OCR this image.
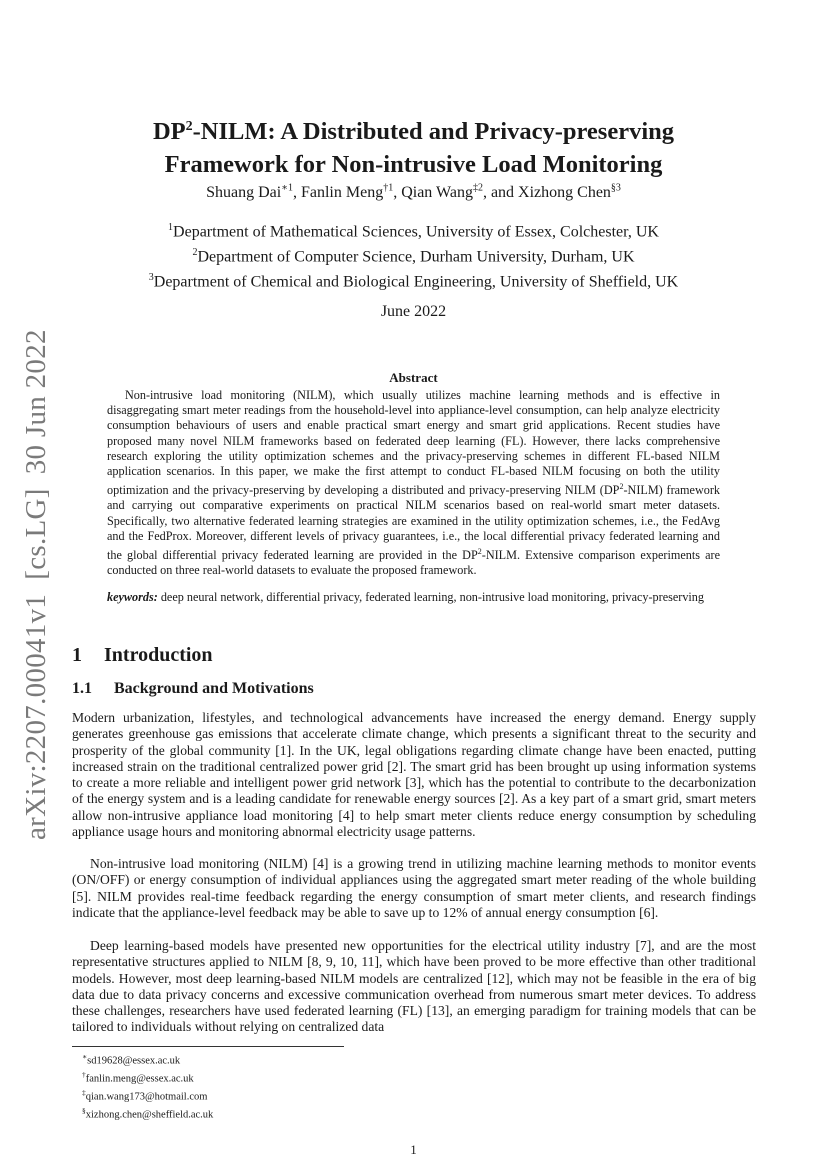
arXiv:2207.00041v1[cs.LG]30 Jun 2022
$DP^2$-NILM: A Distributed and Privacy-preserving
Framework for Non-intrusive Load Monitoring
Shuang Dai$^{∗1}$, Fanlin Meng$^{\dagger 1}$, Qian Wang$^{\ddagger 2}$, and Xizhong Chen$^{\S 3}$
$^1$Department of Mathematical Sciences, University of Essex, Colchester, UK
$^2$Department of Computer Science, Durham University, Durham, UK
$^3$Department of Chemical and Biological Engineering, University of Sheffield, UK
June 2022
Abstract

Non-intrusive load monitoring (NILM), which usually utilizes machine learning methods and is effective in disaggregating smart meter readings from the household-level into appliance-level consumption, can help analyze electricity consumption behaviours of users and enable practical smart energy and smart grid applications. Recent studies have proposed many novel NILM frameworks based on federated deep learning (FL). However, there lacks comprehensive research exploring the utility optimization schemes and the privacy-preserving schemes in different FL-based NILM application scenarios. In this paper, we make the first attempt to conduct FL-based NILM focusing on both the utility optimization and the privacy-preserving by developing a distributed and privacy-preserving NILM $(DP^2-NILM)$ framework and carrying out comparative experiments on practical NILM scenarios based on real-world smart meter datasets. Specifically, two alternative federated learning strategies are examined in the utility optimization schemes, i.e., the FedAvg and the FedProx. Moreover, different levels of privacy guarantees, i.e., the local differential privacy federated learning and the global differential privacy federated learning are provided in the $DP^2$-NILM. Extensive comparison experiments are conducted on three real-world datasets to evaluate the proposed framework.

keywords: deep neural network, differential privacy, federated learning, non-intrusive load monitoring, privacy-preserving

1 Introduction
1.1 Background and Motivations

Modern urbanization, lifestyles, and technological advancements have increased the energy demand. Energy supply generates greenhouse gas emissions that accelerate climate change, which presents a significant threat to the security and prosperity of the global community [1]. In the UK, legal obligations regarding climate change have been enacted, putting increased strain on the traditional centralized power grid [2]. The smart grid has been brought up using information systems to create a more reliable and intelligent power grid network [3], which has the potential to contribute to the decarbonization of the energy system and is a leading candidate for renewable energy sources [2]. As a key part of a smart grid, smart meters allow non-intrusive appliance load monitoring [4] to help smart meter clients reduce energy consumption by scheduling appliance usage hours and monitoring abnormal electricity usage patterns.

Non-intrusive load monitoring (NILM) [4] is a growing trend in utilizing machine learning methods to monitor events (ON/OFF) or energy consumption of individual appliances using the aggregated smart meter reading of the whole building [5]. NILM provides real-time feedback regarding the energy consumption of smart meter clients, and research findings indicate that the appliance-level feedback may be able to save up to 12% of annual energy consumption [6].

Deep learning-based models have presented new opportunities for the electrical utility industry [7], and are the most representative structures applied to NILM [8, 9, 10, 11], which have been proved to be more effective than other traditional models. However, most deep learning-based NILM models are centralized [12], which may not be feasible in the era of big data due to data privacy concerns and excessive communication overhead from numerous smart meter devices. To address these challenges, researchers have used federated learning (FL) [13], an emerging paradigm for training models that can be tailored to individuals without relying on centralized data

∗sd19628@essex.ac.uk
†fanlin.meng@essex.ac.uk
‡qian.wang173@hotmail.com
§xizhong.chen@sheffield.ac.uk
1
